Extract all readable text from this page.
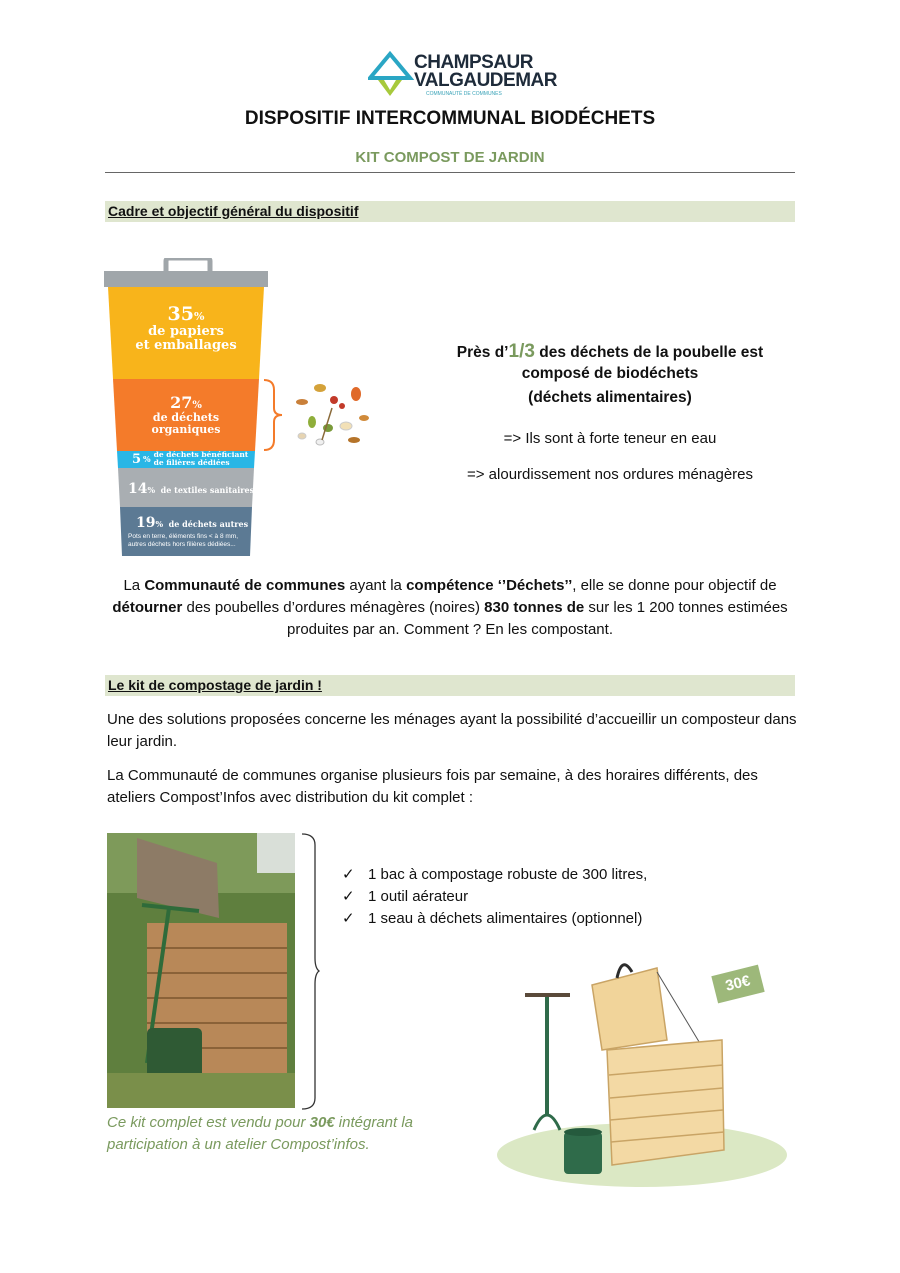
CHAMPSAUR
VALGAUDEMAR
COMMUNAUTÉ DE COMMUNES
DISPOSITIF INTERCOMMUNAL BIODÉCHETS
KIT COMPOST DE JARDIN
Cadre et objectif général du dispositif
35%
de papiers
et emballages
27%
de déchets
organiques
5 % de déchets bénéficiant
de filières dédiées
14% de textiles sanitaires
19% de déchets autres
Pots en terre, éléments fins < à 8 mm, autres déchets hors filières dédiées...
Près d’1/3 des déchets de la poubelle est
composé de biodéchets
(déchets alimentaires)
=> Ils sont à forte teneur en eau
=> alourdissement nos ordures ménagères
La Communauté de communes ayant la compétence ‘’Déchets’’, elle se donne pour objectif de détourner des poubelles d’ordures ménagères (noires) 830 tonnes de sur les 1 200 tonnes estimées produites par an. Comment ? En les compostant.
Le kit de compostage de jardin !
Une des solutions proposées concerne les ménages ayant la possibilité d’accueillir un composteur dans leur jardin.
La Communauté de communes organise plusieurs fois par semaine, à des horaires différents, des ateliers Compost’Infos avec distribution du kit complet :
✓ 1 bac à compostage robuste de 300 litres,
✓ 1 outil aérateur
✓ 1 seau à déchets alimentaires (optionnel)
Ce kit complet est vendu pour 30€ intégrant la participation à un atelier Compost’infos.
30€
